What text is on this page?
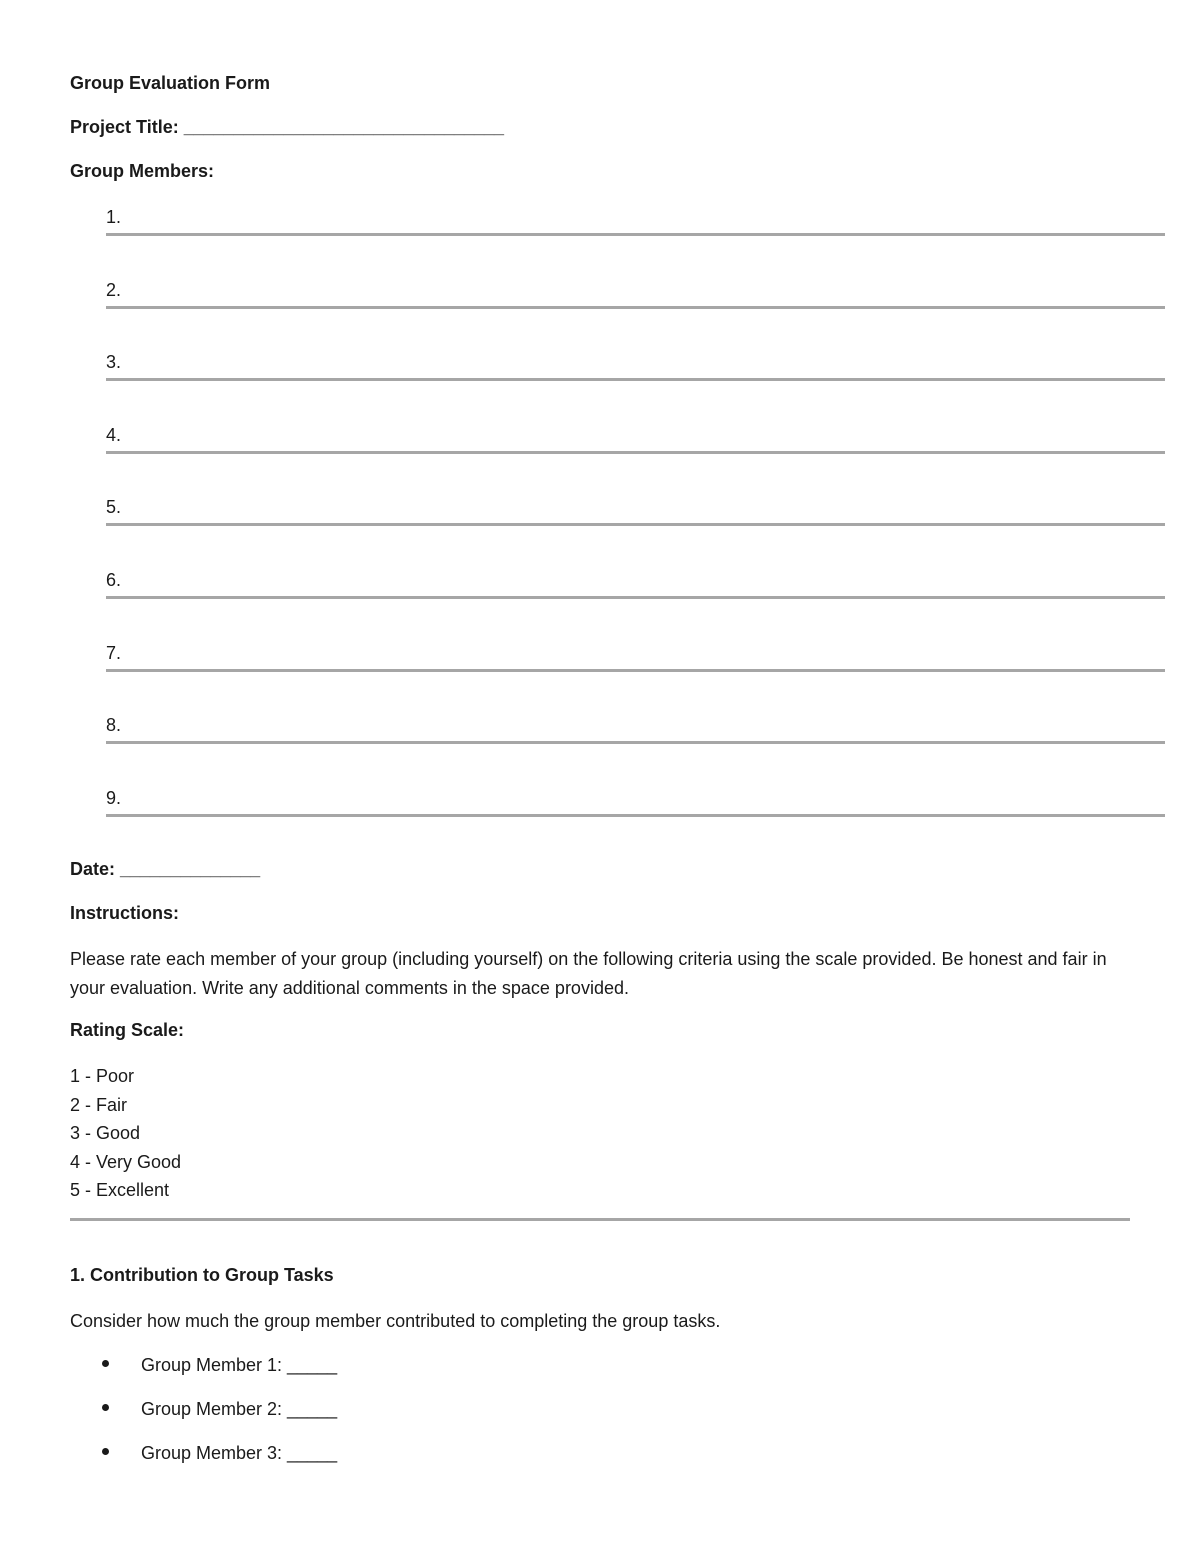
Group Evaluation Form
Project Title: ________________________________
Group Members:
1.
2.
3.
4.
5.
6.
7.
8.
9.
Date: ______________
Instructions:
Please rate each member of your group (including yourself) on the following criteria using the scale provided. Be honest and fair in your evaluation. Write any additional comments in the space provided.
Rating Scale:
1 - Poor
2 - Fair
3 - Good
4 - Very Good
5 - Excellent
1. Contribution to Group Tasks
Consider how much the group member contributed to completing the group tasks.
Group Member 1: _____
Group Member 2: _____
Group Member 3: _____
